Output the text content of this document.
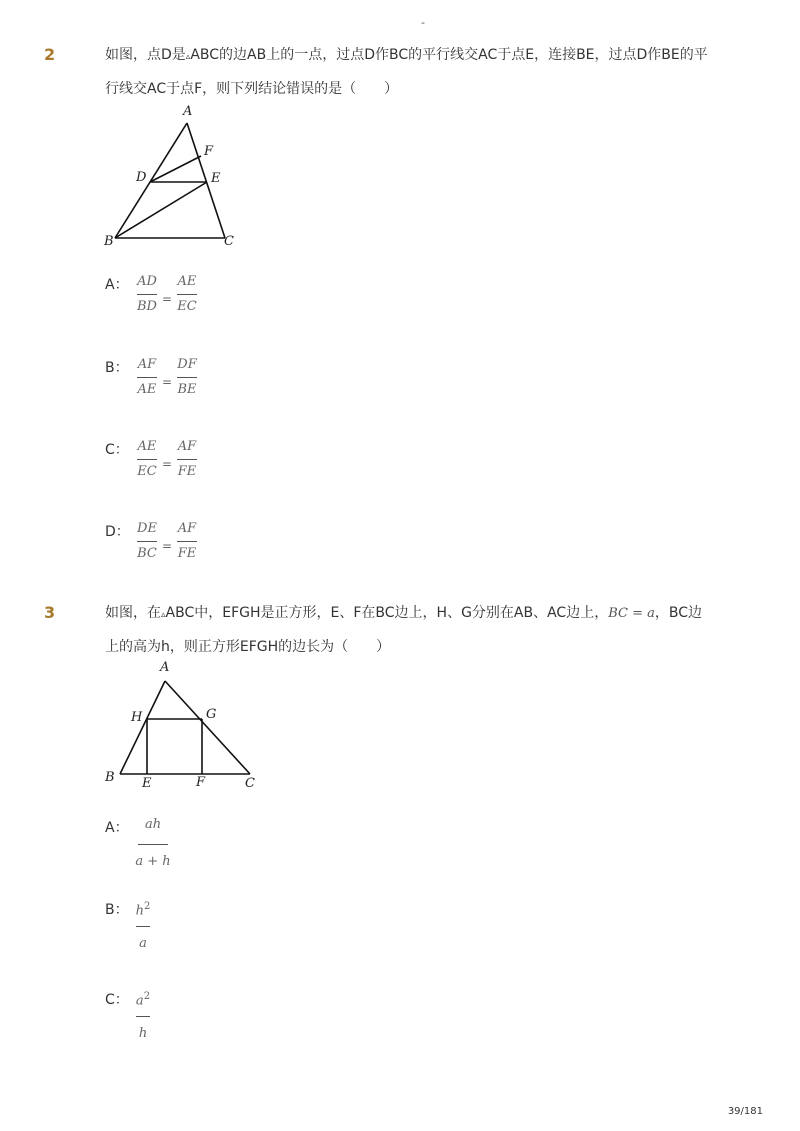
-
2	如图，点D是▵ABC的边AB上的一点，过点D作BC的平行线交AC于点E，连接BE，过点D作BE的平
行线交AC于点F，则下列结论错误的是（　　）
A
F
D	E
B	C
A： AD
BD =
AE
EC
B： AF
AE =
DF
BE
C： AE
EC =
AF
FE
D： DE
BC =
AF
FE
3	如图，在▵ABC中，EFGH是正方形，E、F在BC边上，H、G分别在AB、AC边上，BC = a，BC边
上的高为h，则正方形EFGH的边长为（　　）
A
H	G
B E	F	C
A：	ah
a + h
B： $h^2$
a
C： $a^2$
h
39/181
